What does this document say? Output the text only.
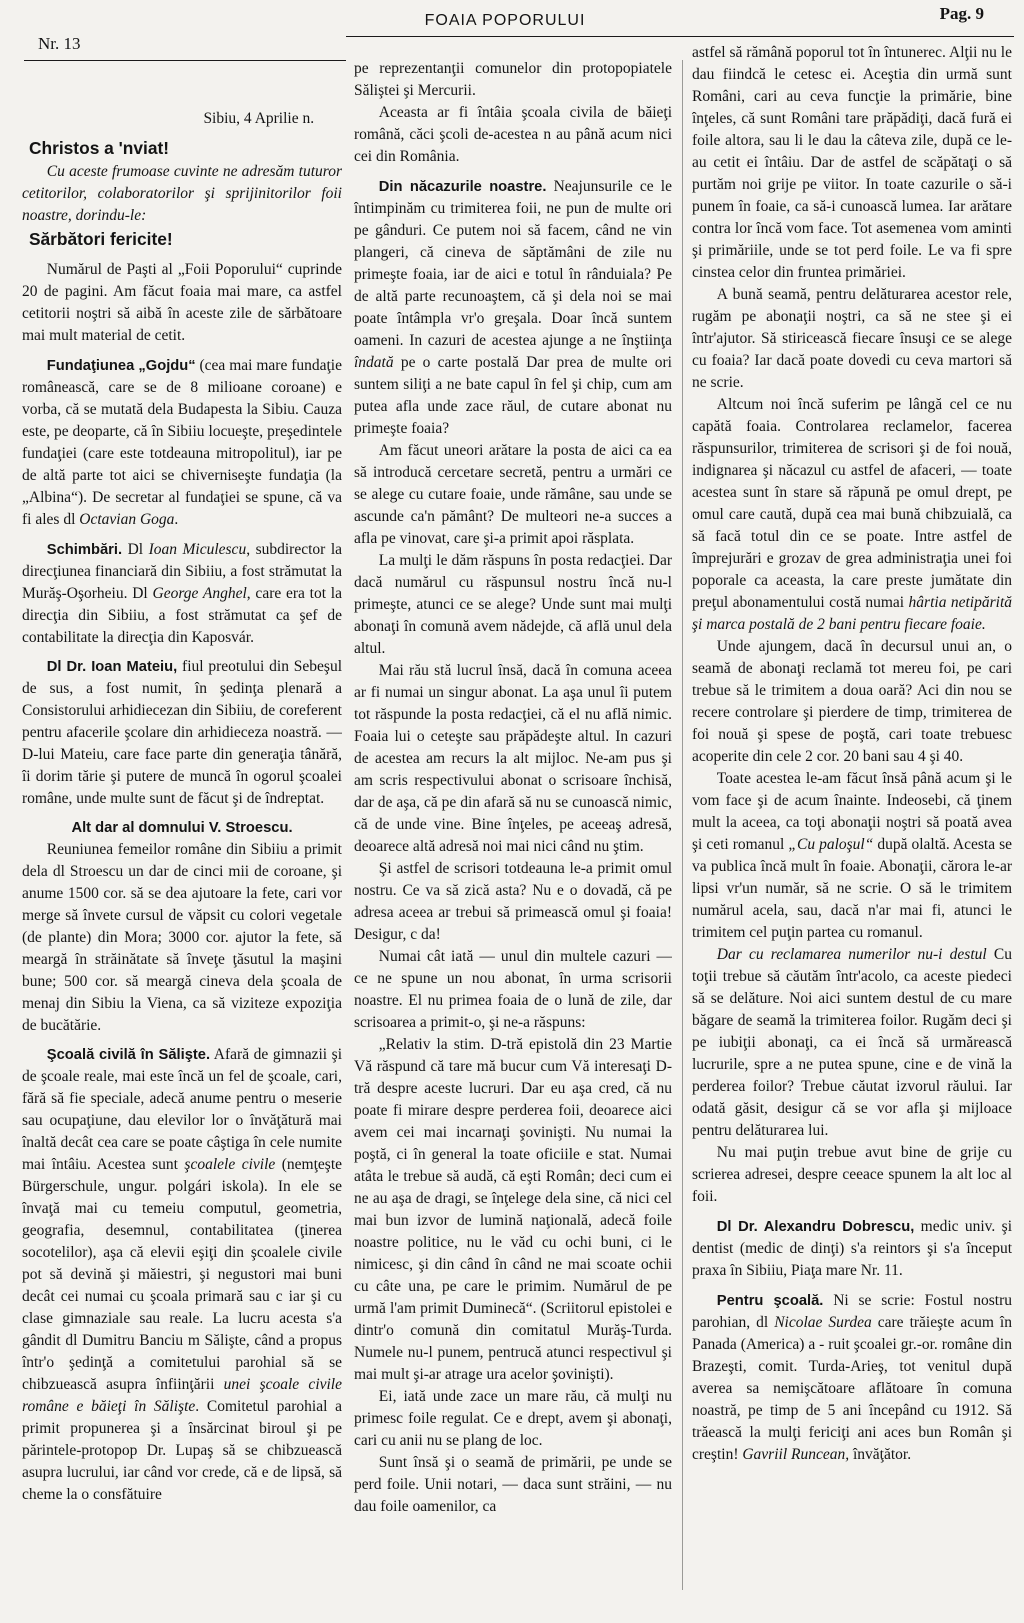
Nr. 13
FOAIA POPORULUI	Pag. 9

Sibiu, 4 Aprilie n.

Christos a 'nviat!

Cu aceste frumoase cuvinte ne adresăm tuturor cetitorilor, colaboratorilor şi sprijinitorilor foii noastre, dorindu-le:

Sărbători fericite!

Numărul de Paşti al „Foii Poporului“ cuprinde 20 de pagini. Am făcut foaia mai mare, ca astfel cetitorii noştri să aibă în aceste zile de sărbătoare mai mult material de cetit.

Fundaţiunea „Gojdu“ (cea mai mare fundaţie românească, care se de 8 milioane coroane) e vorba, că se mutată dela Budapesta la Sibiu. Cauza este, pe deoparte, că în Sibiiu locueşte, preşedintele fundaţiei (care este totdeauna mitropolitul), iar pe de altă parte tot aici se chiverniseşte fundaţia (la „Albina“). De secretar al fundaţiei se spune, că va fi ales dl Octavian Goga.

Schimbări. Dl Ioan Miculescu, subdirector la direcţiunea financiară din Sibiiu, a fost strămutat la Murăş-Oşorheiu. Dl George Anghel, care era tot la direcţia din Sibiiu, a fost strămutat ca şef de contabilitate la direcţia din Kaposvár.

Dl Dr. Ioan Mateiu, fiul preotului din Sebeşul de sus, a fost numit, în şedinţa plenară a Consistorului arhidiecezan din Sibiiu, de coreferent pentru afacerile şcolare din arhidieceza noastră. — D-lui Mateiu, care face parte din generaţia tânără, îi dorim tărie şi putere de muncă în ogorul şcoalei române, unde multe sunt de făcut şi de îndreptat.

Alt dar al domnului V. Stroescu.

Reuniunea femeilor române din Sibiiu a primit dela dl Stroescu un dar de cinci mii de coroane, şi anume 1500 cor. să se dea ajutoare la fete, cari vor merge să învete cursul de văpsit cu colori vegetale (de plante) din Mora; 3000 cor. ajutor la fete, să meargă în străinătate să înveţe ţăsutul la maşini bune; 500 cor. să meargă cineva dela şcoala de menaj din Sibiu la Viena, ca să viziteze expoziţia de bucătărie.

Şcoală civilă în Sălişte. Afară de gimnazii şi de şcoale reale, mai este încă un fel de şcoale, cari, fără să fie speciale, adecă anume pentru o meserie sau ocupaţiune, dau elevilor lor o învăţătură mai înaltă decât cea care se poate câştiga în cele numite mai întâiu. Acestea sunt şcoalele civile (nemţeşte Bürgerschule, ungur. polgári iskola). In ele se învaţă mai cu temeiu computul, geometria, geografia, desemnul, contabilitatea (ţinerea socotelilor), aşa că elevii eşiţi din şcoalele civile pot să devină şi măiestri, şi negustori mai buni decât cei numai cu şcoala primară sau c iar şi cu clase gimnaziale sau reale. La lucru acesta s'a gândit dl Dumitru Banciu m Sălişte, când a propus într'o şedinţă a comitetului parohial să se chibzuească asupra înfiinţării unei şcoale civile române e băieţi în Sălişte. Comitetul parohial a primit propunerea şi a însărcinat biroul şi pe părintele-protopop Dr. Lupaş să se chibzuească asupra lucrului, iar când vor crede, că e de lipsă, să cheme la o consfătuire

pe reprezentanţii comunelor din protopopiatele Săliştei şi Mercurii.

Aceasta ar fi întâia şcoala civila de băieţi română, căci şcoli de-acestea n au până acum nici cei din România.

Din năcazurile noastre. Neajunsurile ce le întimpinăm cu trimiterea foii, ne pun de multe ori pe gânduri. Ce putem noi să facem, când ne vin plangeri, că cineva de săptămâni de zile nu primeşte foaia, iar de aici e totul în rânduiala? Pe de altă parte recunoaştem, că şi dela noi se mai poate întâmpla vr'o greşala. Doar încă suntem oameni. In cazuri de acestea ajunge a ne înştiinţa îndată pe o carte postală Dar prea de multe ori suntem siliţi a ne bate capul în fel şi chip, cum am putea afla unde zace răul, de cutare abonat nu primeşte foaia?

Am făcut uneori arătare la posta de aici ca ea să introducă cercetare secretă, pentru a urmări ce se alege cu cutare foaie, unde rămâne, sau unde se ascunde ca'n pământ? De multeori ne-a succes a afla pe vinovat, care şi-a primit apoi răsplata.

La mulţi le dăm răspuns în posta redacţiei. Dar dacă numărul cu răspunsul nostru încă nu-l primeşte, atunci ce se alege? Unde sunt mai mulţi abonaţi în comună avem nădejde, că află unul dela altul.

Mai rău stă lucrul însă, dacă în comuna aceea ar fi numai un singur abonat. La aşa unul îi putem tot răspunde la posta redacţiei, că el nu află nimic. Foaia lui o ceteşte sau prăpădeşte altul. In cazuri de acestea am recurs la alt mijloc. Ne-am pus şi am scris respectivului abonat o scrisoare închisă, dar de aşa, că pe din afară să nu se cunoască nimic, că de unde vine. Bine înţeles, pe aceeaş adresă, deoarece altă adresă noi mai nici când nu ştim.

Şi astfel de scrisori totdeauna le-a primit omul nostru. Ce va să zică asta? Nu e o dovadă, că pe adresa aceea ar trebui să primească omul şi foaia! Desigur, c da!

Numai cât iată — unul din multele cazuri — ce ne spune un nou abonat, în urma scrisorii noastre. El nu primea foaia de o lună de zile, dar scrisoarea a primit-o, şi ne-a răspuns:

„Relativ la stim. D-tră epistolă din 23 Martie Vă răspund că tare mă bucur cum Vă interesaţi D-tră despre aceste lucruri. Dar eu aşa cred, că nu poate fi mirare despre perderea foii, deoarece aici avem cei mai incarnaţi şovinişti. Nu numai la poştă, ci în general la toate oficiile e stat. Numai atâta le trebue să audă, că eşti Român; deci cum ei ne au aşa de dragi, se înţelege dela sine, că nici cel mai bun izvor de lumină naţională, adecă foile noastre politice, nu le văd cu ochi buni, ci le nimicesc, şi din când în când ne mai scoate ochii cu câte una, pe care le primim. Numărul de pe urmă l'am primit Duminecă“. (Scriitorul epistolei e dintr'o comună din comitatul Murăş-Turda. Numele nu-l punem, pentrucă atunci respectivul şi mai mult şi-ar atrage ura acelor şovinişti).

Ei, iată unde zace un mare rău, că mulţi nu primesc foile regulat. Ce e drept, avem şi abonaţi, cari cu anii nu se plang de loc.

Sunt însă şi o seamă de primării, pe unde se perd foile. Unii notari, — daca sunt străini, — nu dau foile oamenilor, ca

astfel să rămână poporul tot în întunerec. Alţii nu le dau fiindcă le cetesc ei. Aceştia din urmă sunt Români, cari au ceva funcţie la primărie, bine înţeles, că sunt Români tare prăpădiţi, dacă fură ei foile altora, sau li le dau la câteva zile, după ce le-au cetit ei întâiu. Dar de astfel de scăpătaţi o să purtăm noi grije pe viitor. In toate cazurile o să-i punem în foaie, ca să-i cunoască lumea. Iar arătare contra lor încă vom face. Tot asemenea vom aminti şi primăriile, unde se tot perd foile. Le va fi spre cinstea celor din fruntea primăriei.

A bună seamă, pentru delăturarea acestor rele, rugăm pe abonaţii noştri, ca să ne stee şi ei într'ajutor. Să stiricească fiecare însuşi ce se alege cu foaia? Iar dacă poate dovedi cu ceva martori să ne scrie.

Altcum noi încă suferim pe lângă cel ce nu capătă foaia. Controlarea reclamelor, facerea răspunsurilor, trimiterea de scrisori şi de foi nouă, indignarea şi năcazul cu astfel de afaceri, — toate acestea sunt în stare să răpună pe omul drept, pe omul care caută, după cea mai bună chibzuială, ca să facă totul din ce se poate. Intre astfel de împrejurări e grozav de grea administraţia unei foi poporale ca aceasta, la care preste jumătate din preţul abonamentului costă numai hârtia netipărită şi marca postală de 2 bani pentru fiecare foaie.

Unde ajungem, dacă în decursul unui an, o seamă de abonaţi reclamă tot mereu foi, pe cari trebue să le trimitem a doua oară? Aci din nou se recere controlare şi pierdere de timp, trimiterea de foi nouă şi spese de poştă, cari toate trebuesc acoperite din cele 2 cor. 20 bani sau 4 şi 40.

Toate acestea le-am făcut însă până acum şi le vom face şi de acum înainte. Indeosebi, că ţinem mult la aceea, ca toţi abonaţii noştri să poată avea şi ceti romanul „Cu paloşul“ după olaltă. Acesta se va publica încă mult în foaie. Abonaţii, cărora le-ar lipsi vr'un număr, să ne scrie. O să le trimitem numărul acela, sau, dacă n'ar mai fi, atunci le trimitem cel puţin partea cu romanul.

Dar cu reclamarea numerilor nu-i destul Cu toţii trebue să căutăm într'acolo, ca aceste piedeci să se delăture. Noi aici suntem destul de cu mare băgare de seamă la trimiterea foilor. Rugăm deci şi pe iubiţii abonaţi, ca ei încă să urmărească lucrurile, spre a ne putea spune, cine e de vină la perderea foilor? Trebue căutat izvorul răului. Iar odată găsit, desigur că se vor afla şi mijloace pentru delăturarea lui.

Nu mai puţin trebue avut bine de grije cu scrierea adresei, despre ceeace spunem la alt loc al foii.

Dl Dr. Alexandru Dobrescu, medic univ. şi dentist (medic de dinţi) s'a reintors şi s'a început praxa în Sibiiu, Piaţa mare Nr. 11.

Pentru şcoală. Ni se scrie: Fostul nostru parohian, dl Nicolae Surdea care trăieşte acum în Panada (America) a - ruit şcoalei gr.-or. române din Brazeşti, comit. Turda-Arieş, tot venitul după averea sa nemişcătoare aflătoare în comuna noastră, pe timp de 5 ani începând cu 1912. Să trăească la mulţi fericiţi ani aces bun Român şi creştin! Gavriil Runcean, învăţător.
